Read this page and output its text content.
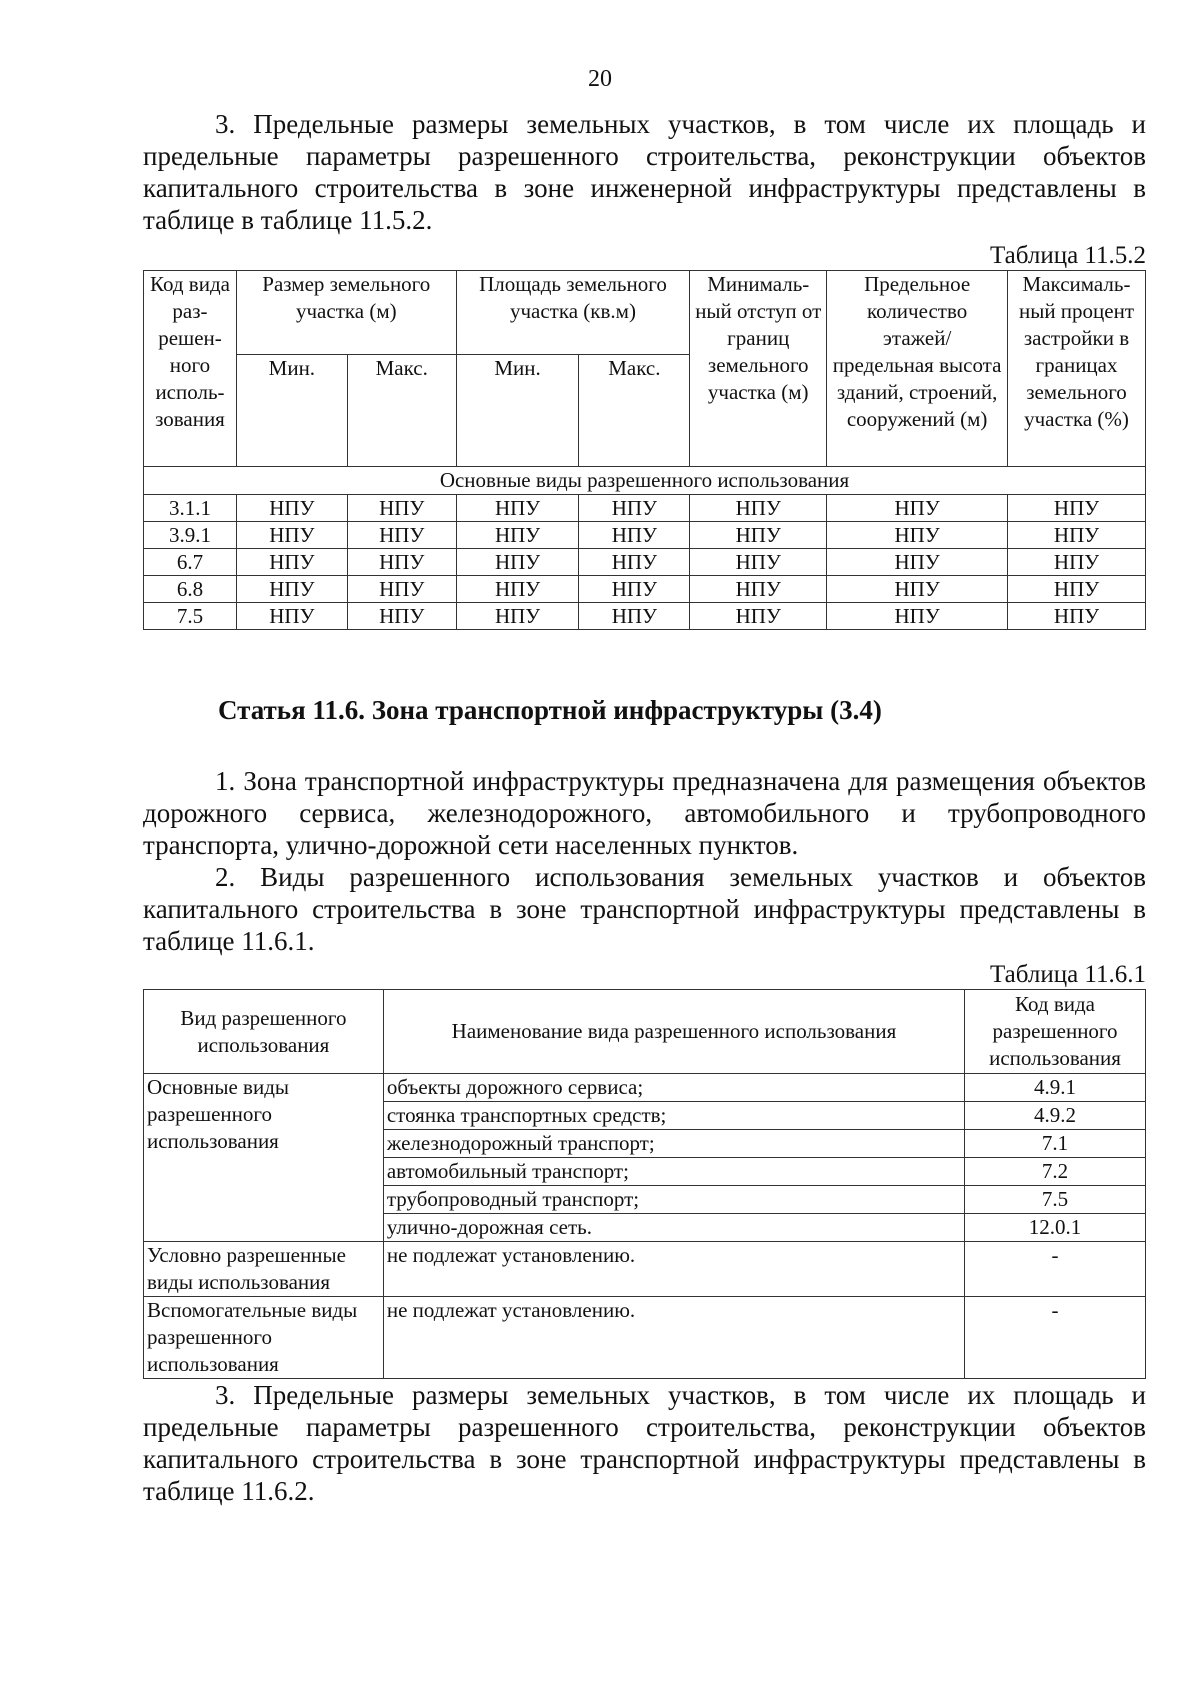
20

3. Предельные размеры земельных участков, в том числе их площадь и предельные параметры разрешенного строительства, реконструкции объектов капитального строительства в зоне инженерной инфраструктуры представлены в таблице в таблице 11.5.2.

Таблица 11.5.2
Код вида раз-решен-ного исполь-зования	Размер земельного участка (м)		Площадь земельного участка (кв.м)		Минималь-ный отступ от границ земельного участка (м)	Предельное количество этажей/ предельная высота зданий, строений, сооружений (м)	Максималь-ный процент застройки в границах земельного участка (%)
	Мин.	Макс.	Мин.	Макс.			
Основные виды разрешенного использования							
3.1.1	НПУ	НПУ	НПУ	НПУ	НПУ	НПУ	НПУ
3.9.1	НПУ	НПУ	НПУ	НПУ	НПУ	НПУ	НПУ
6.7	НПУ	НПУ	НПУ	НПУ	НПУ	НПУ	НПУ
6.8	НПУ	НПУ	НПУ	НПУ	НПУ	НПУ	НПУ
7.5	НПУ	НПУ	НПУ	НПУ	НПУ	НПУ	НПУ
Статья 11.6. Зона транспортной инфраструктуры (3.4)

1. Зона транспортной инфраструктуры предназначена для размещения объектов дорожного сервиса, железнодорожного, автомобильного и трубопроводного транспорта, улично-дорожной сети населенных пунктов.

2. Виды разрешенного использования земельных участков и объектов капитального строительства в зоне транспортной инфраструктуры представлены в таблице 11.6.1.

Таблица 11.6.1
Вид разрешенного использования	Наименование вида разрешенного использования	Код вида разрешенного использования
Основные виды разрешенного использования	объекты дорожного сервиса;	4.9.1
	стоянка транспортных средств;	4.9.2
	железнодорожный транспорт;	7.1
	автомобильный транспорт;	7.2
	трубопроводный транспорт;	7.5
	улично-дорожная сеть.	12.0.1
Условно разрешенные виды использования	не подлежат установлению.	-
Вспомогательные виды разрешенного использования	не подлежат установлению.	-

3. Предельные размеры земельных участков, в том числе их площадь и предельные параметры разрешенного строительства, реконструкции объектов капитального строительства в зоне транспортной инфраструктуры представлены в таблице 11.6.2.
